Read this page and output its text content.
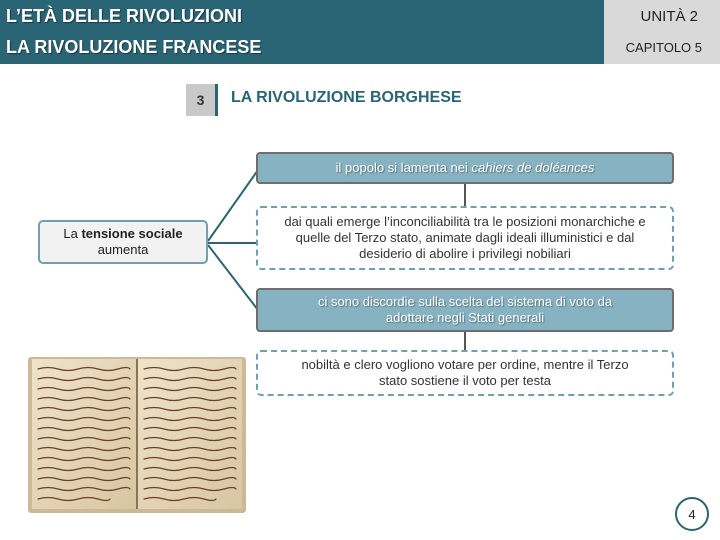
L’ETÀ DELLE RIVOLUZIONI
LA RIVOLUZIONE FRANCESE
UNITÀ 2
CAPITOLO 5
3	LA RIVOLUZIONE BORGHESE
La tensione sociale
aumenta
il popolo si lamenta nei cahiers de doléances
dai quali emerge l’inconciliabilità tra le posizioni monarchiche e quelle del Terzo stato, animate dagli ideali illuministici e dal desiderio di abolire i privilegi nobiliari
ci sono discordie sulla scelta del sistema di voto da adottare negli Stati generali
nobiltà e clero vogliono votare per ordine, mentre il Terzo stato sostiene il voto per testa
4
